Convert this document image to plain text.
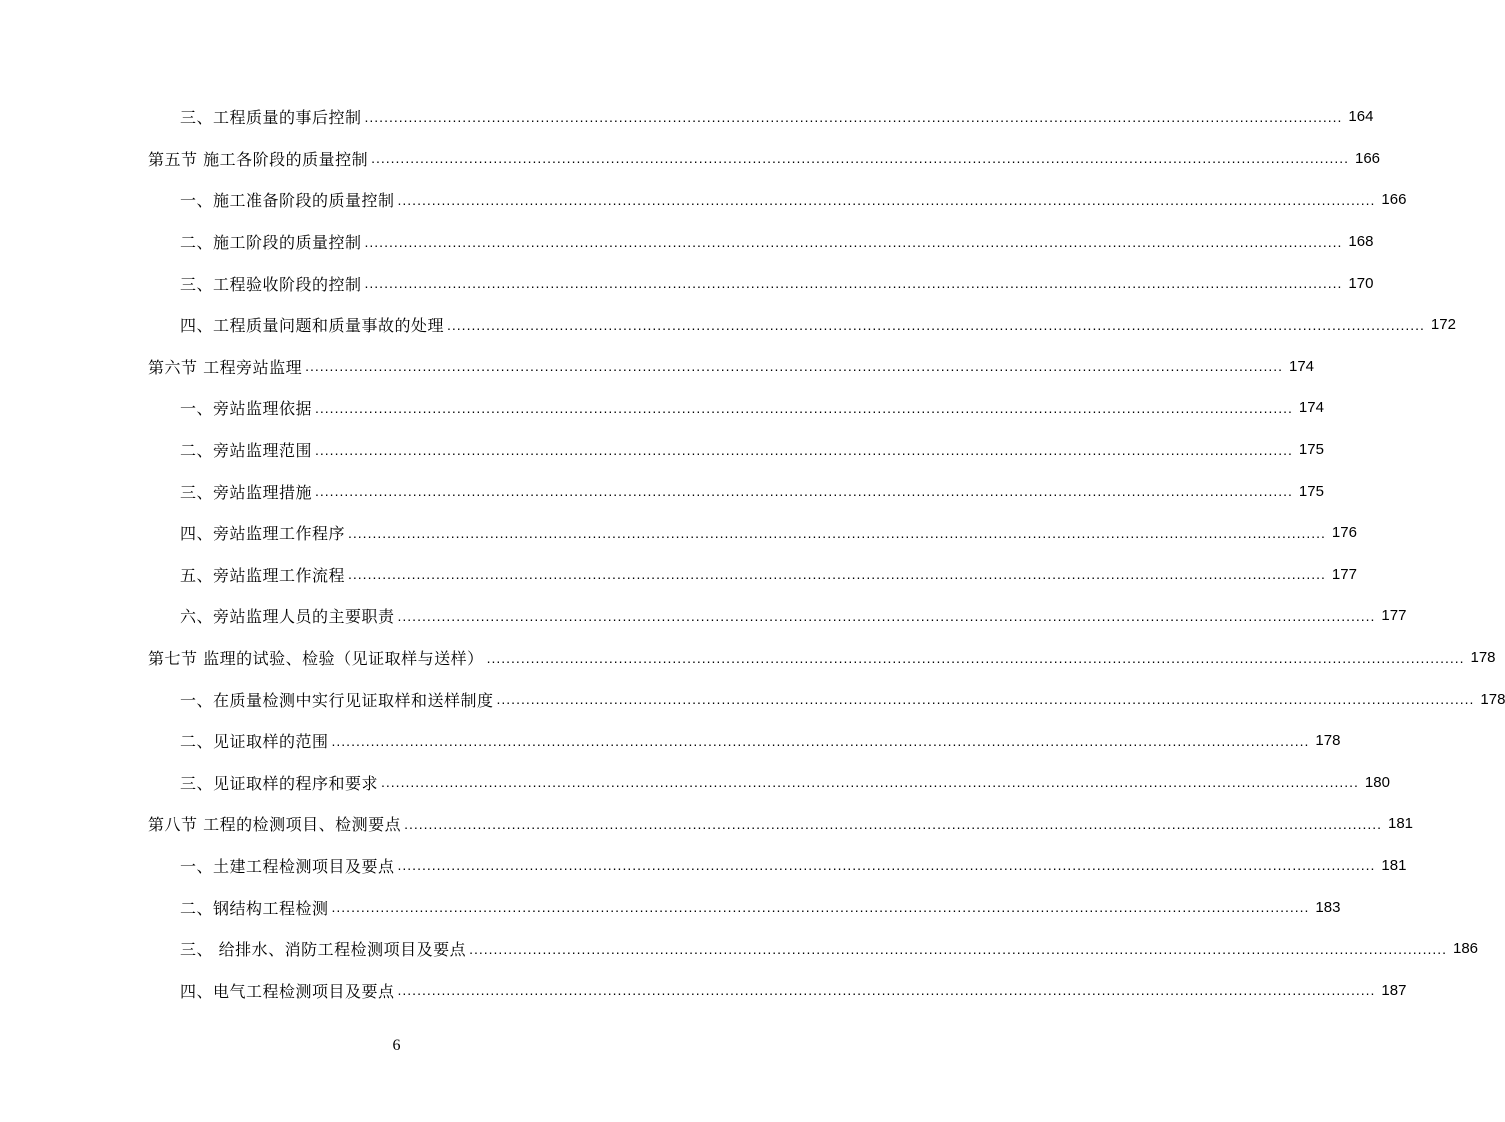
三、工程质量的事后控制 ........................................................................................................................................................................................................ 164
第五节 施工各阶段的质量控制 ........................................................................................................................................................................................................ 166
一、施工准备阶段的质量控制 ........................................................................................................................................................................................................ 166
二、施工阶段的质量控制 ........................................................................................................................................................................................................ 168
三、工程验收阶段的控制 ........................................................................................................................................................................................................ 170
四、工程质量问题和质量事故的处理 ........................................................................................................................................................................................................ 172
第六节 工程旁站监理 ........................................................................................................................................................................................................ 174
一、旁站监理依据 ........................................................................................................................................................................................................ 174
二、旁站监理范围 ........................................................................................................................................................................................................ 175
三、旁站监理措施 ........................................................................................................................................................................................................ 175
四、旁站监理工作程序 ........................................................................................................................................................................................................ 176
五、旁站监理工作流程 ........................................................................................................................................................................................................ 177
六、旁站监理人员的主要职责 ........................................................................................................................................................................................................ 177
第七节 监理的试验、检验（见证取样与送样） ........................................................................................................................................................................................................ 178
一、在质量检测中实行见证取样和送样制度 ........................................................................................................................................................................................................ 178
二、见证取样的范围 ........................................................................................................................................................................................................ 178
三、见证取样的程序和要求 ........................................................................................................................................................................................................ 180
第八节 工程的检测项目、检测要点 ........................................................................................................................................................................................................ 181
一、土建工程检测项目及要点 ........................................................................................................................................................................................................ 181
二、钢结构工程检测 ........................................................................................................................................................................................................ 183
三、 给排水、消防工程检测项目及要点 ........................................................................................................................................................................................................ 186
四、电气工程检测项目及要点 ........................................................................................................................................................................................................ 187
6
